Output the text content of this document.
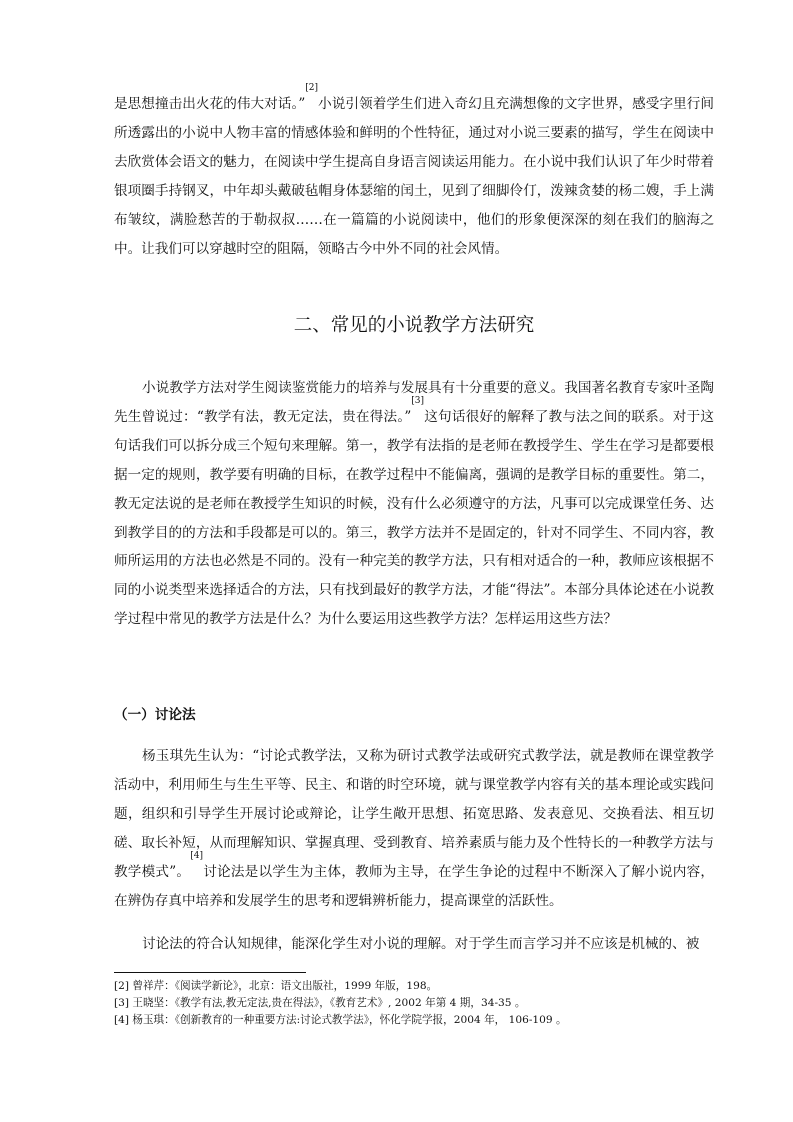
是思想撞击出火花的伟大对话。”[2]小说引领着学生们进入奇幻且充满想像的文字世界，感受字里行间所透露出的小说中人物丰富的情感体验和鲜明的个性特征，通过对小说三要素的描写，学生在阅读中去欣赏体会语文的魅力，在阅读中学生提高自身语言阅读运用能力。在小说中我们认识了年少时带着银项圈手持钢叉，中年却头戴破毡帽身体瑟缩的闰土，见到了细脚伶仃，泼辣贪婪的杨二嫂，手上满布皱纹，满脸愁苦的于勒叔叔……在一篇篇的小说阅读中，他们的形象便深深的刻在我们的脑海之中。让我们可以穿越时空的阻隔，领略古今中外不同的社会风情。

二、常见的小说教学方法研究

小说教学方法对学生阅读鉴赏能力的培养与发展具有十分重要的意义。我国著名教育专家叶圣陶先生曾说过：“教学有法，教无定法，贵在得法。”[3]这句话很好的解释了教与法之间的联系。对于这句话我们可以拆分成三个短句来理解。第一，教学有法指的是老师在教授学生、学生在学习是都要根据一定的规则，教学要有明确的目标，在教学过程中不能偏离，强调的是教学目标的重要性。第二，教无定法说的是老师在教授学生知识的时候，没有什么必须遵守的方法，凡事可以完成课堂任务、达到教学目的的方法和手段都是可以的。第三，教学方法并不是固定的，针对不同学生、不同内容，教师所运用的方法也必然是不同的。没有一种完美的教学方法，只有相对适合的一种，教师应该根据不同的小说类型来选择适合的方法，只有找到最好的教学方法，才能“得法”。本部分具体论述在小说教学过程中常见的教学方法是什么？为什么要运用这些教学方法？怎样运用这些方法？

（一）讨论法

杨玉琪先生认为：“讨论式教学法，又称为研讨式教学法或研究式教学法，就是教师在课堂教学活动中，利用师生与生生平等、民主、和谐的时空环境，就与课堂教学内容有关的基本理论或实践问题，组织和引导学生开展讨论或辩论，让学生敞开思想、拓宽思路、发表意见、交换看法、相互切磋、取长补短，从而理解知识、掌握真理、受到教育、培养素质与能力及个性特长的一种教学方法与教学模式”。[4]讨论法是以学生为主体，教师为主导，在学生争论的过程中不断深入了解小说内容，在辨伪存真中培养和发展学生的思考和逻辑辨析能力，提高课堂的活跃性。

讨论法的符合认知规律，能深化学生对小说的理解。对于学生而言学习并不应该是机械的、被

[2] 曾祥芹：《阅读学新论》，北京：语文出版社，1999 年版，198。
[3] 王晓坚：《教学有法,教无定法,贵在得法》，《教育艺术》, 2002 年第 4 期，34-35 。
[4] 杨玉琪：《创新教育的一种重要方法:讨论式教学法》，怀化学院学报，2004 年， 106-109 。
